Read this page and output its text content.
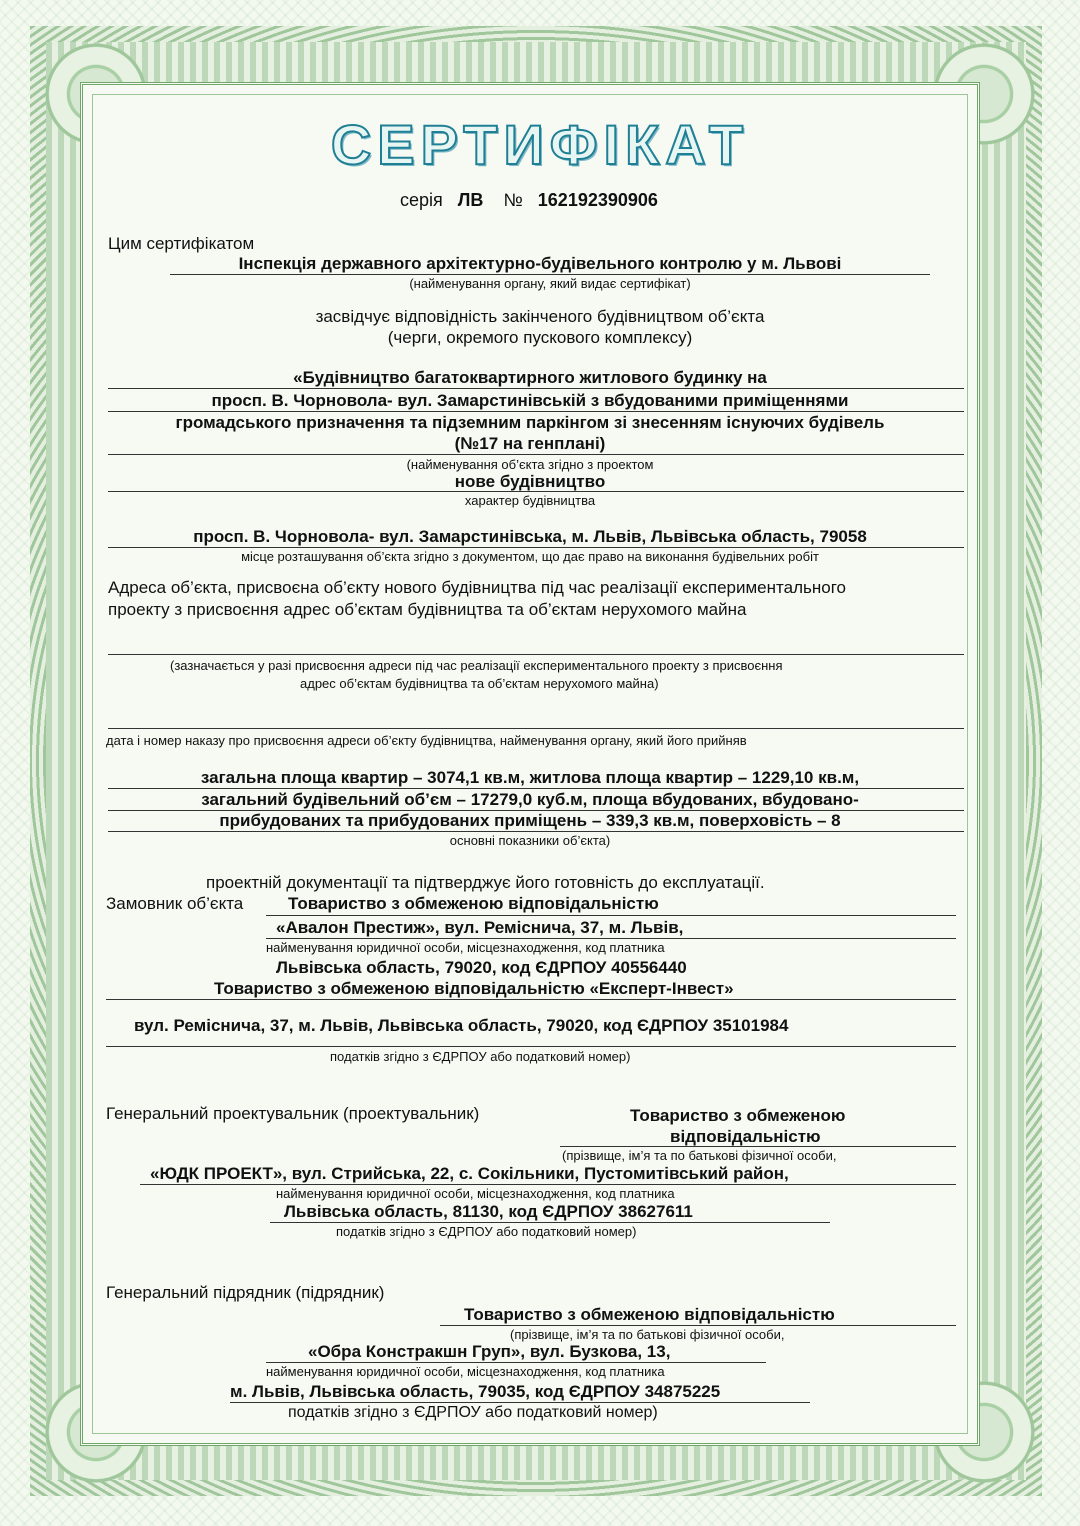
СЕРТИФІКАТ
серія ЛВ № 162192390906
Цим сертифікатом
Інспекція державного архітектурно-будівельного контролю у м. Львові
(найменування органу, який видає сертифікат)
засвідчує відповідність закінченого будівництвом об’єкта
(черги, окремого пускового комплексу)
«Будівництво багатоквартирного житлового будинку на
просп. В. Чорновола- вул. Замарстинівській з вбудованими приміщеннями
громадського призначення та підземним паркінгом зі знесенням існуючих будівель
(№17 на генплані)
(найменування об’єкта згідно з проектом
нове будівництво
характер будівництва
просп. В. Чорновола- вул. Замарстинівська, м. Львів, Львівська область, 79058
місце розташування об’єкта згідно з документом, що дає право на виконання будівельних робіт
Адреса об’єкта, присвоєна об’єкту нового будівництва під час реалізації експериментального
проекту з присвоєння адрес об’єктам будівництва та об’єктам нерухомого майна
(зазначається у разі присвоєння адреси під час реалізації експериментального проекту з присвоєння
адрес об’єктам будівництва та об’єктам нерухомого майна)
дата і номер наказу про присвоєння адреси об’єкту будівництва, найменування органу, який його прийняв
загальна площа квартир – 3074,1 кв.м, житлова площа квартир – 1229,10 кв.м,
загальний будівельний об’єм – 17279,0 куб.м, площа вбудованих, вбудовано-
прибудованих та прибудованих приміщень – 339,3 кв.м, поверховість – 8
основні показники об’єкта)
проектній документації та підтверджує його готовність до експлуатації.
Замовник об’єкта	Товариство з обмеженою відповідальністю
«Авалон Престиж», вул. Ремісничa, 37, м. Львів,
найменування юридичної особи, місцезнаходження, код платника
Львівська область, 79020, код ЄДРПОУ 40556440
Товариство з обмеженою відповідальністю «Експерт-Інвест»
вул. Ремісничa, 37, м. Львів, Львівська область, 79020, код ЄДРПОУ 35101984
податків згідно з ЄДРПОУ або податковий номер)
Генеральний проектувальник (проектувальник)	Товариство з обмеженою
відповідальністю
(прізвище, ім’я та по батькові фізичної особи,
«ЮДК ПРОЕКТ», вул. Стрийська, 22, с. Сокільники, Пустомитівський район,
найменування юридичної особи, місцезнаходження, код платника
Львівська область, 81130, код ЄДРПОУ 38627611
податків згідно з ЄДРПОУ або податковий номер)
Генеральний підрядник (підрядник)
Товариство з обмеженою відповідальністю
(прізвище, ім’я та по батькові фізичної особи,
«Обра Констракшн Груп», вул. Бузкова, 13,
найменування юридичної особи, місцезнаходження, код платника
м. Львів, Львівська область, 79035, код ЄДРПОУ 34875225
податків згідно з ЄДРПОУ або податковий номер)
